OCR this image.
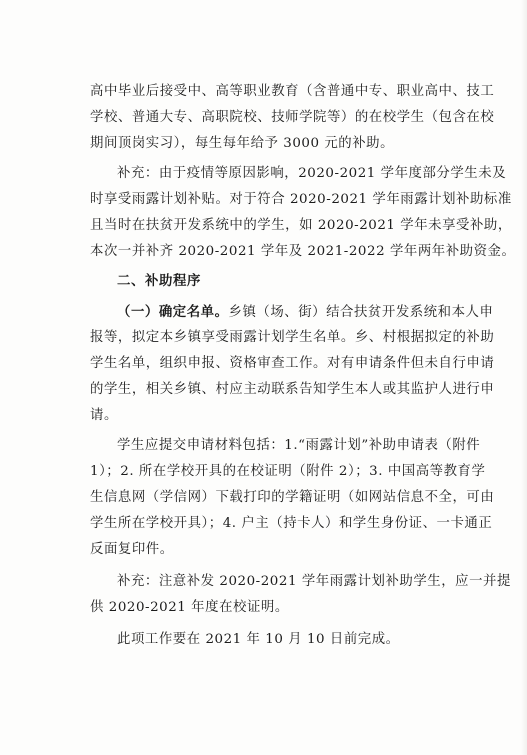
高中毕业后接受中、高等职业教育（含普通中专、职业高中、技工
学校、普通大专、高职院校、技师学院等）的在校学生（包含在校
期间顶岗实习），每生每年给予 3000 元的补助。
补充：由于疫情等原因影响，2020-2021 学年度部分学生未及
时享受雨露计划补贴。对于符合 2020-2021 学年雨露计划补助标准
且当时在扶贫开发系统中的学生，如 2020-2021 学年未享受补助，
本次一并补齐 2020-2021 学年及 2021-2022 学年两年补助资金。
二、补助程序
（一）确定名单。乡镇（场、街）结合扶贫开发系统和本人申
报等，拟定本乡镇享受雨露计划学生名单。乡、村根据拟定的补助
学生名单，组织申报、资格审查工作。对有申请条件但未自行申请
的学生，相关乡镇、村应主动联系告知学生本人或其监护人进行申
请。
学生应提交申请材料包括：1.“雨露计划”补助申请表（附件
1）；2. 所在学校开具的在校证明（附件 2）；3. 中国高等教育学
生信息网（学信网）下载打印的学籍证明（如网站信息不全，可由
学生所在学校开具）；4. 户主（持卡人）和学生身份证、一卡通正
反面复印件。
补充：注意补发 2020-2021 学年雨露计划补助学生，应一并提
供 2020-2021 年度在校证明。
此项工作要在 2021 年 10 月 10 日前完成。
